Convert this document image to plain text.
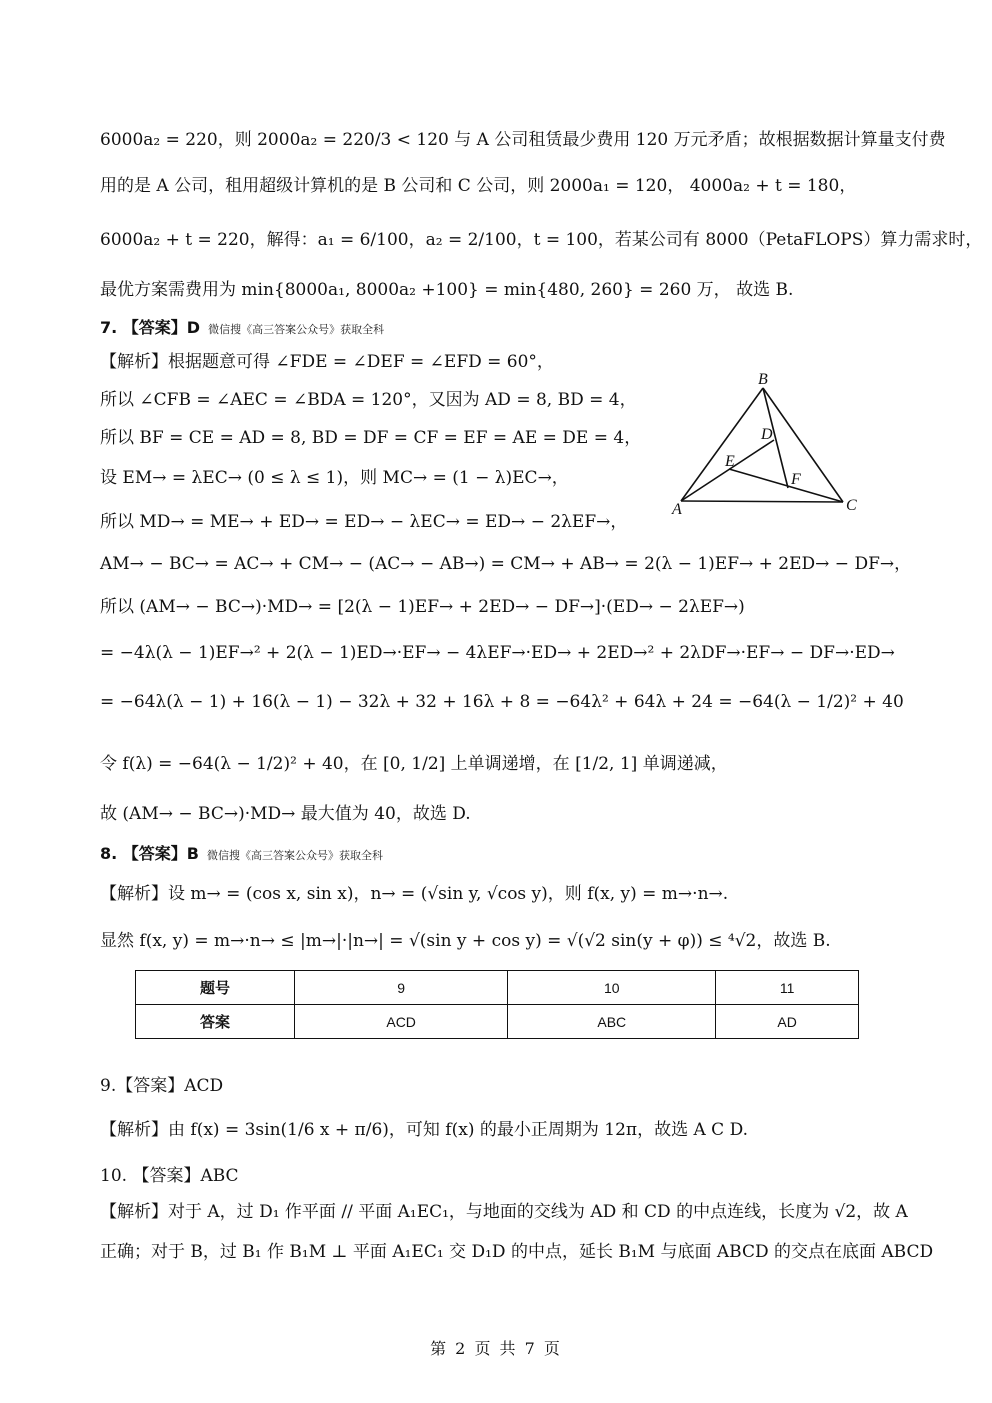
6000a₂ = 220，则 2000a₂ = 220/3 < 120 与 A 公司租赁最少费用 120 万元矛盾；故根据数据计算量支付费
用的是 A 公司，租用超级计算机的是 B 公司和 C 公司，则 2000a₁ = 120， 4000a₂ + t = 180，
6000a₂ + t = 220，解得：a₁ = 6/100，a₂ = 2/100，t = 100，若某公司有 8000（PetaFLOPS）算力需求时，
最优方案需费用为 min{8000a₁, 8000a₂ +100} = min{480, 260} = 260 万， 故选 B.
7. 【答案】D 微信搜《高三答案公众号》获取全科
【解析】根据题意可得 ∠FDE = ∠DEF = ∠EFD = 60°，
所以 ∠CFB = ∠AEC = ∠BDA = 120°，又因为 AD = 8, BD = 4，
所以 BF = CE = AD = 8, BD = DF = CF = EF = AE = DE = 4，
设 EM→ = λEC→ (0 ≤ λ ≤ 1)，则 MC→ = (1 − λ)EC→，
所以 MD→ = ME→ + ED→ = ED→ − λEC→ = ED→ − 2λEF→，
AM→ − BC→ = AC→ + CM→ − (AC→ − AB→) = CM→ + AB→ = 2(λ − 1)EF→ + 2ED→ − DF→，
所以 (AM→ − BC→)·MD→ = [2(λ − 1)EF→ + 2ED→ − DF→]·(ED→ − 2λEF→)
= −4λ(λ − 1)EF→² + 2(λ − 1)ED→·EF→ − 4λEF→·ED→ + 2ED→² + 2λDF→·EF→ − DF→·ED→
= −64λ(λ − 1) + 16(λ − 1) − 32λ + 32 + 16λ + 8 = −64λ² + 64λ + 24 = −64(λ − 1/2)² + 40
令 f(λ) = −64(λ − 1/2)² + 40，在 [0, 1/2] 上单调递增，在 [1/2, 1] 单调递减，
故 (AM→ − BC→)·MD→ 最大值为 40，故选 D.
B
D
E
F
A	C
8. 【答案】B 微信搜《高三答案公众号》获取全科
【解析】设 m→ = (cos x, sin x)，n→ = (√sin y, √cos y)，则 f(x, y) = m→·n→.
显然 f(x, y) = m→·n→ ≤ |m→|·|n→| = √(sin y + cos y) = √(√2 sin(y + φ)) ≤ ⁴√2，故选 B.
题号	9	10	11
答案	ACD	ABC	AD
9.【答案】ACD
【解析】由 f(x) = 3sin(1/6 x + π/6)，可知 f(x) 的最小正周期为 12π，故选 A C D.
10. 【答案】ABC
【解析】对于 A，过 D₁ 作平面 // 平面 A₁EC₁，与地面的交线为 AD 和 CD 的中点连线，长度为 √2，故 A
正确；对于 B，过 B₁ 作 B₁M ⊥ 平面 A₁EC₁ 交 D₁D 的中点，延长 B₁M 与底面 ABCD 的交点在底面 ABCD
第 2 页 共 7 页
